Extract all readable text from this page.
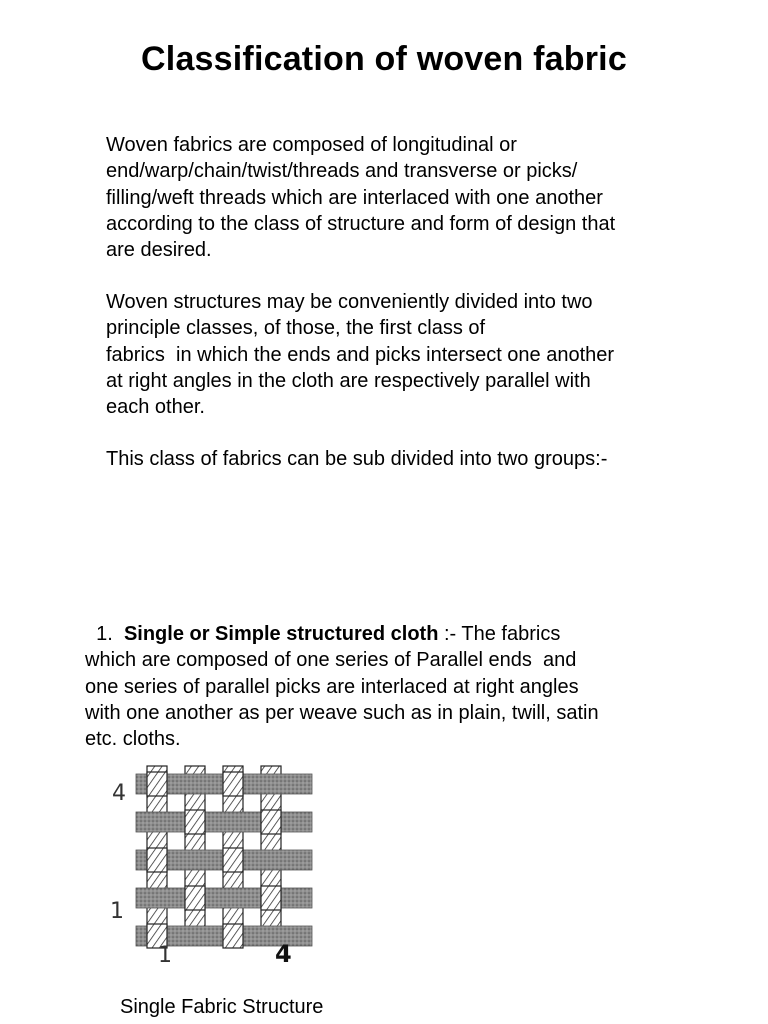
Classification of woven fabric

Woven fabrics are composed of longitudinal or
end/warp/chain/twist/threads and transverse or picks/
filling/weft threads which are interlaced with one another
according to the class of structure and form of design that
are desired.

Woven structures may be conveniently divided into two
principle classes, of those, the first class of
fabrics  in which the ends and picks intersect one another
at right angles in the cloth are respectively parallel with
each other.

This class of fabrics can be sub divided into two groups:-

1. Single or Simple structured cloth :- The fabrics
which are composed of one series of Parallel ends  and
one series of parallel picks are interlaced at right angles
with one another as per weave such as in plain, twill, satin
etc. cloths.

4
1
1	4

Single Fabric Structure
